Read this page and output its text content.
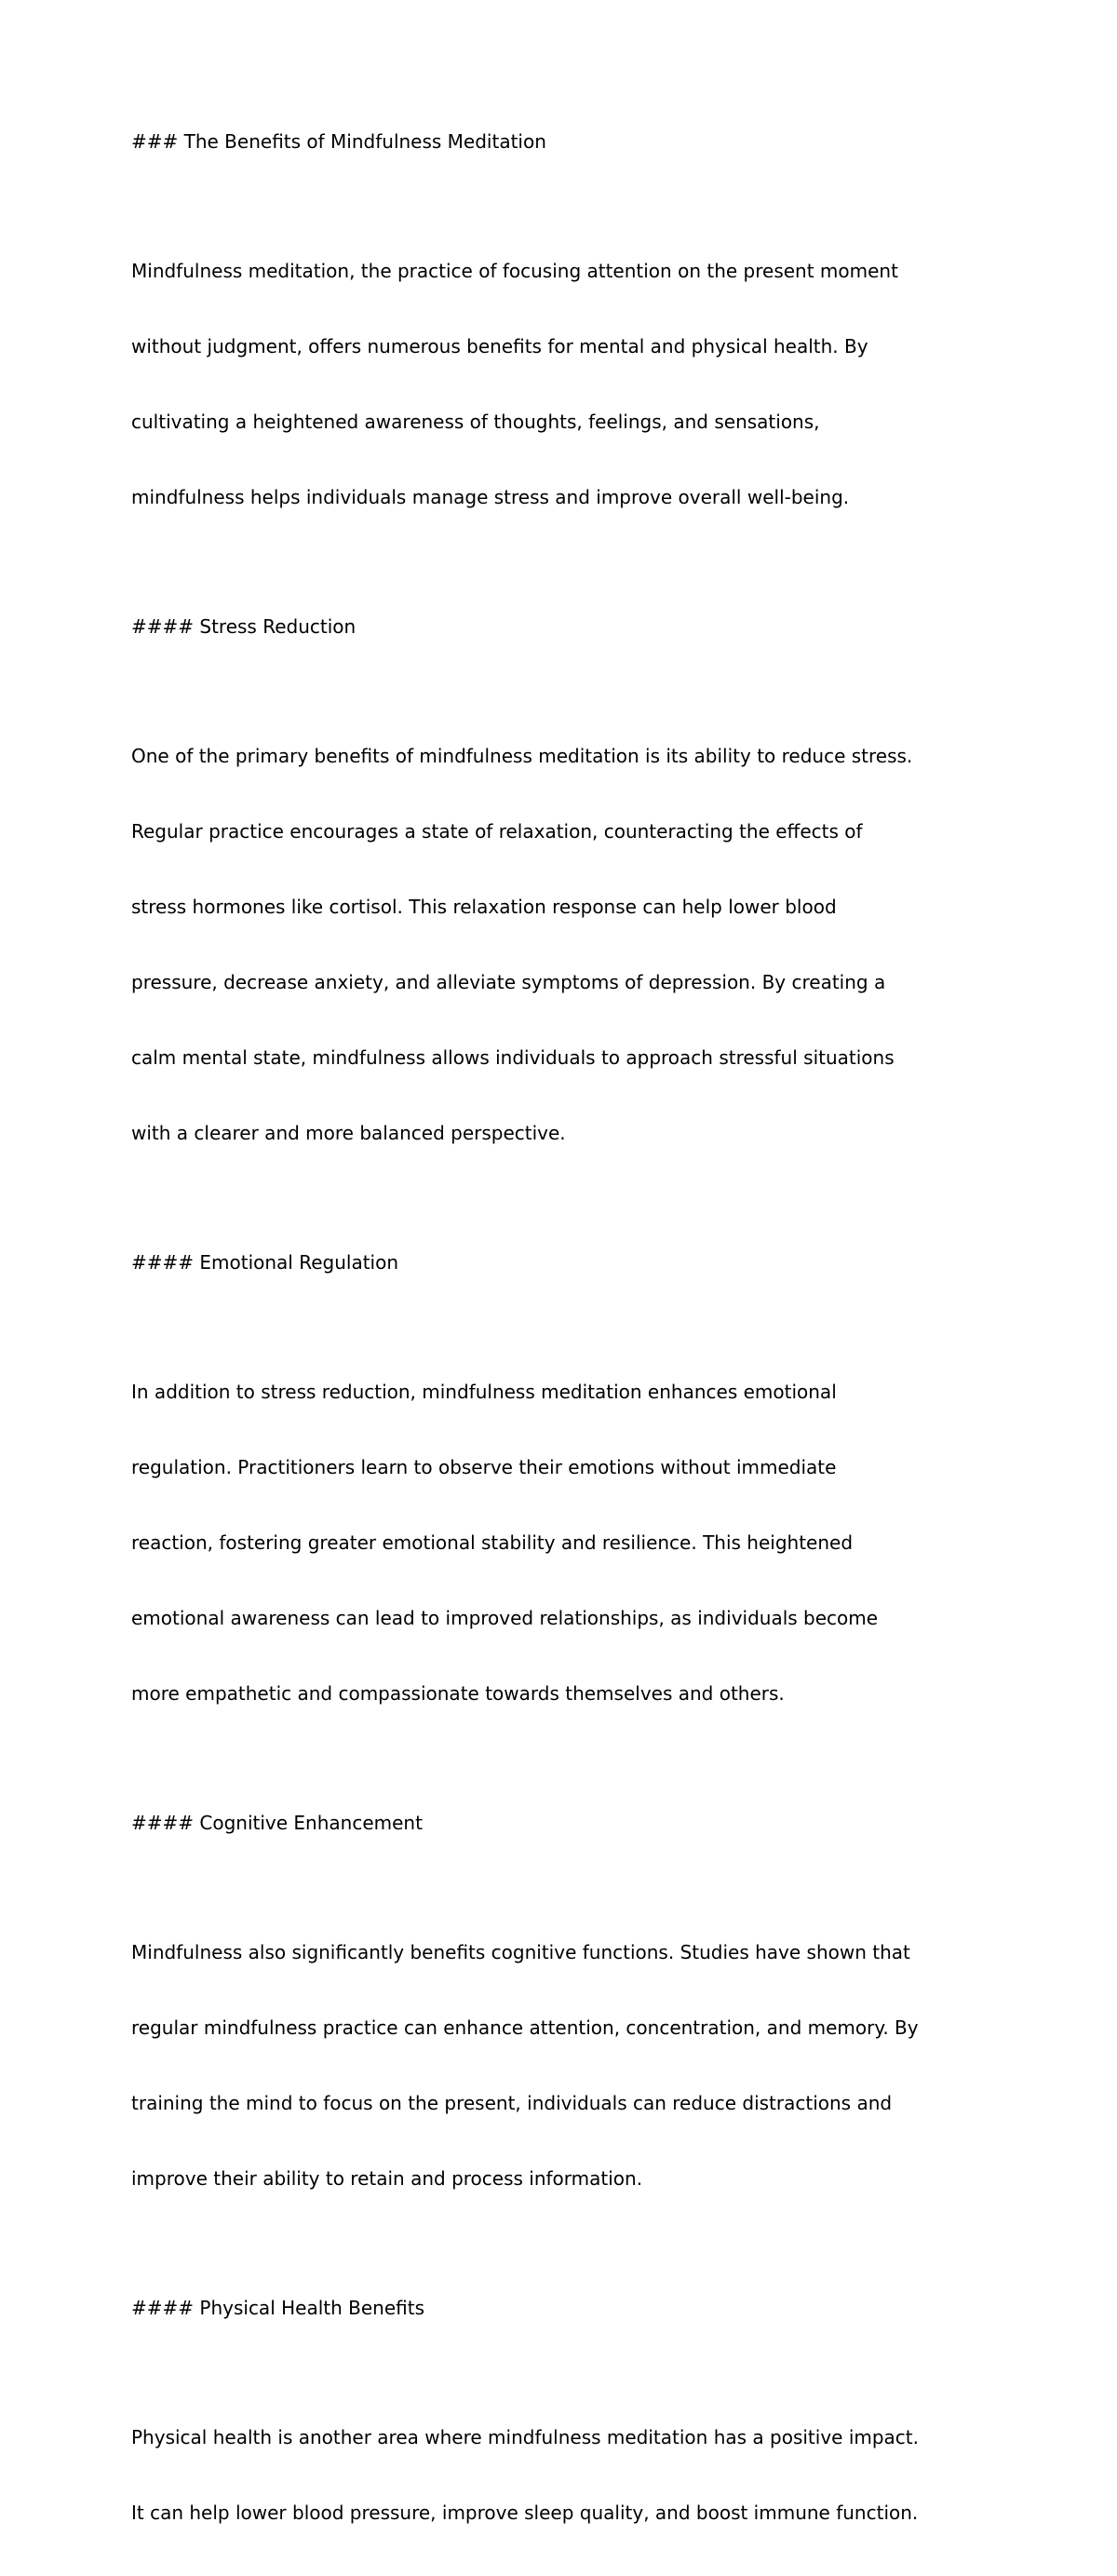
### The Benefits of Mindfulness Meditation

Mindfulness meditation, the practice of focusing attention on the present moment

without judgment, offers numerous benefits for mental and physical health. By

cultivating a heightened awareness of thoughts, feelings, and sensations,

mindfulness helps individuals manage stress and improve overall well-being.

#### Stress Reduction

One of the primary benefits of mindfulness meditation is its ability to reduce stress.

Regular practice encourages a state of relaxation, counteracting the effects of

stress hormones like cortisol. This relaxation response can help lower blood

pressure, decrease anxiety, and alleviate symptoms of depression. By creating a

calm mental state, mindfulness allows individuals to approach stressful situations

with a clearer and more balanced perspective.

#### Emotional Regulation

In addition to stress reduction, mindfulness meditation enhances emotional

regulation. Practitioners learn to observe their emotions without immediate

reaction, fostering greater emotional stability and resilience. This heightened

emotional awareness can lead to improved relationships, as individuals become

more empathetic and compassionate towards themselves and others.

#### Cognitive Enhancement

Mindfulness also significantly benefits cognitive functions. Studies have shown that

regular mindfulness practice can enhance attention, concentration, and memory. By

training the mind to focus on the present, individuals can reduce distractions and

improve their ability to retain and process information.

#### Physical Health Benefits

Physical health is another area where mindfulness meditation has a positive impact.

It can help lower blood pressure, improve sleep quality, and boost immune function.
